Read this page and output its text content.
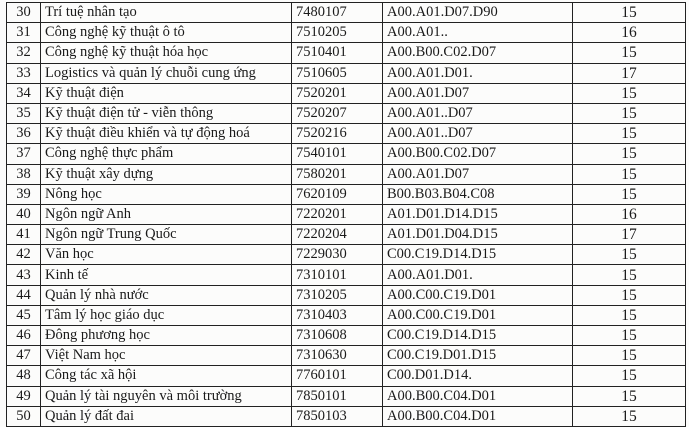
30	Trí tuệ nhân tạo	7480107	A00.A01.D07.D90	15
31	Công nghệ kỹ thuật ô tô	7510205	A00.A01..	16
32	Công nghệ kỹ thuật hóa học	7510401	A00.B00.C02.D07	15
33	Logistics và quản lý chuỗi cung ứng	7510605	A00.A01.D01.	17
34	Kỹ thuật điện	7520201	A00.A01.D07	15
35	Kỹ thuật điện tử - viễn thông	7520207	A00.A01..D07	15
36	Kỹ thuật điều khiển và tự động hoá	7520216	A00.A01..D07	15
37	Công nghệ thực phẩm	7540101	A00.B00.C02.D07	15
38	Kỹ thuật xây dựng	7580201	A00.A01.D07	15
39	Nông học	7620109	B00.B03.B04.C08	15
40	Ngôn ngữ Anh	7220201	A01.D01.D14.D15	16
41	Ngôn ngữ Trung Quốc	7220204	A01.D01.D04.D15	17
42	Văn học	7229030	C00.C19.D14.D15	15
43	Kinh tế	7310101	A00.A01.D01.	15
44	Quản lý nhà nước	7310205	A00.C00.C19.D01	15
45	Tâm lý học giáo dục	7310403	A00.C00.C19.D01	15
46	Đông phương học	7310608	C00.C19.D14.D15	15
47	Việt Nam học	7310630	C00.C19.D01.D15	15
48	Công tác xã hội	7760101	C00.D01.D14.	15
49	Quản lý tài nguyên và môi trường	7850101	A00.B00.C04.D01	15
50	Quản lý đất đai	7850103	A00.B00.C04.D01	15
